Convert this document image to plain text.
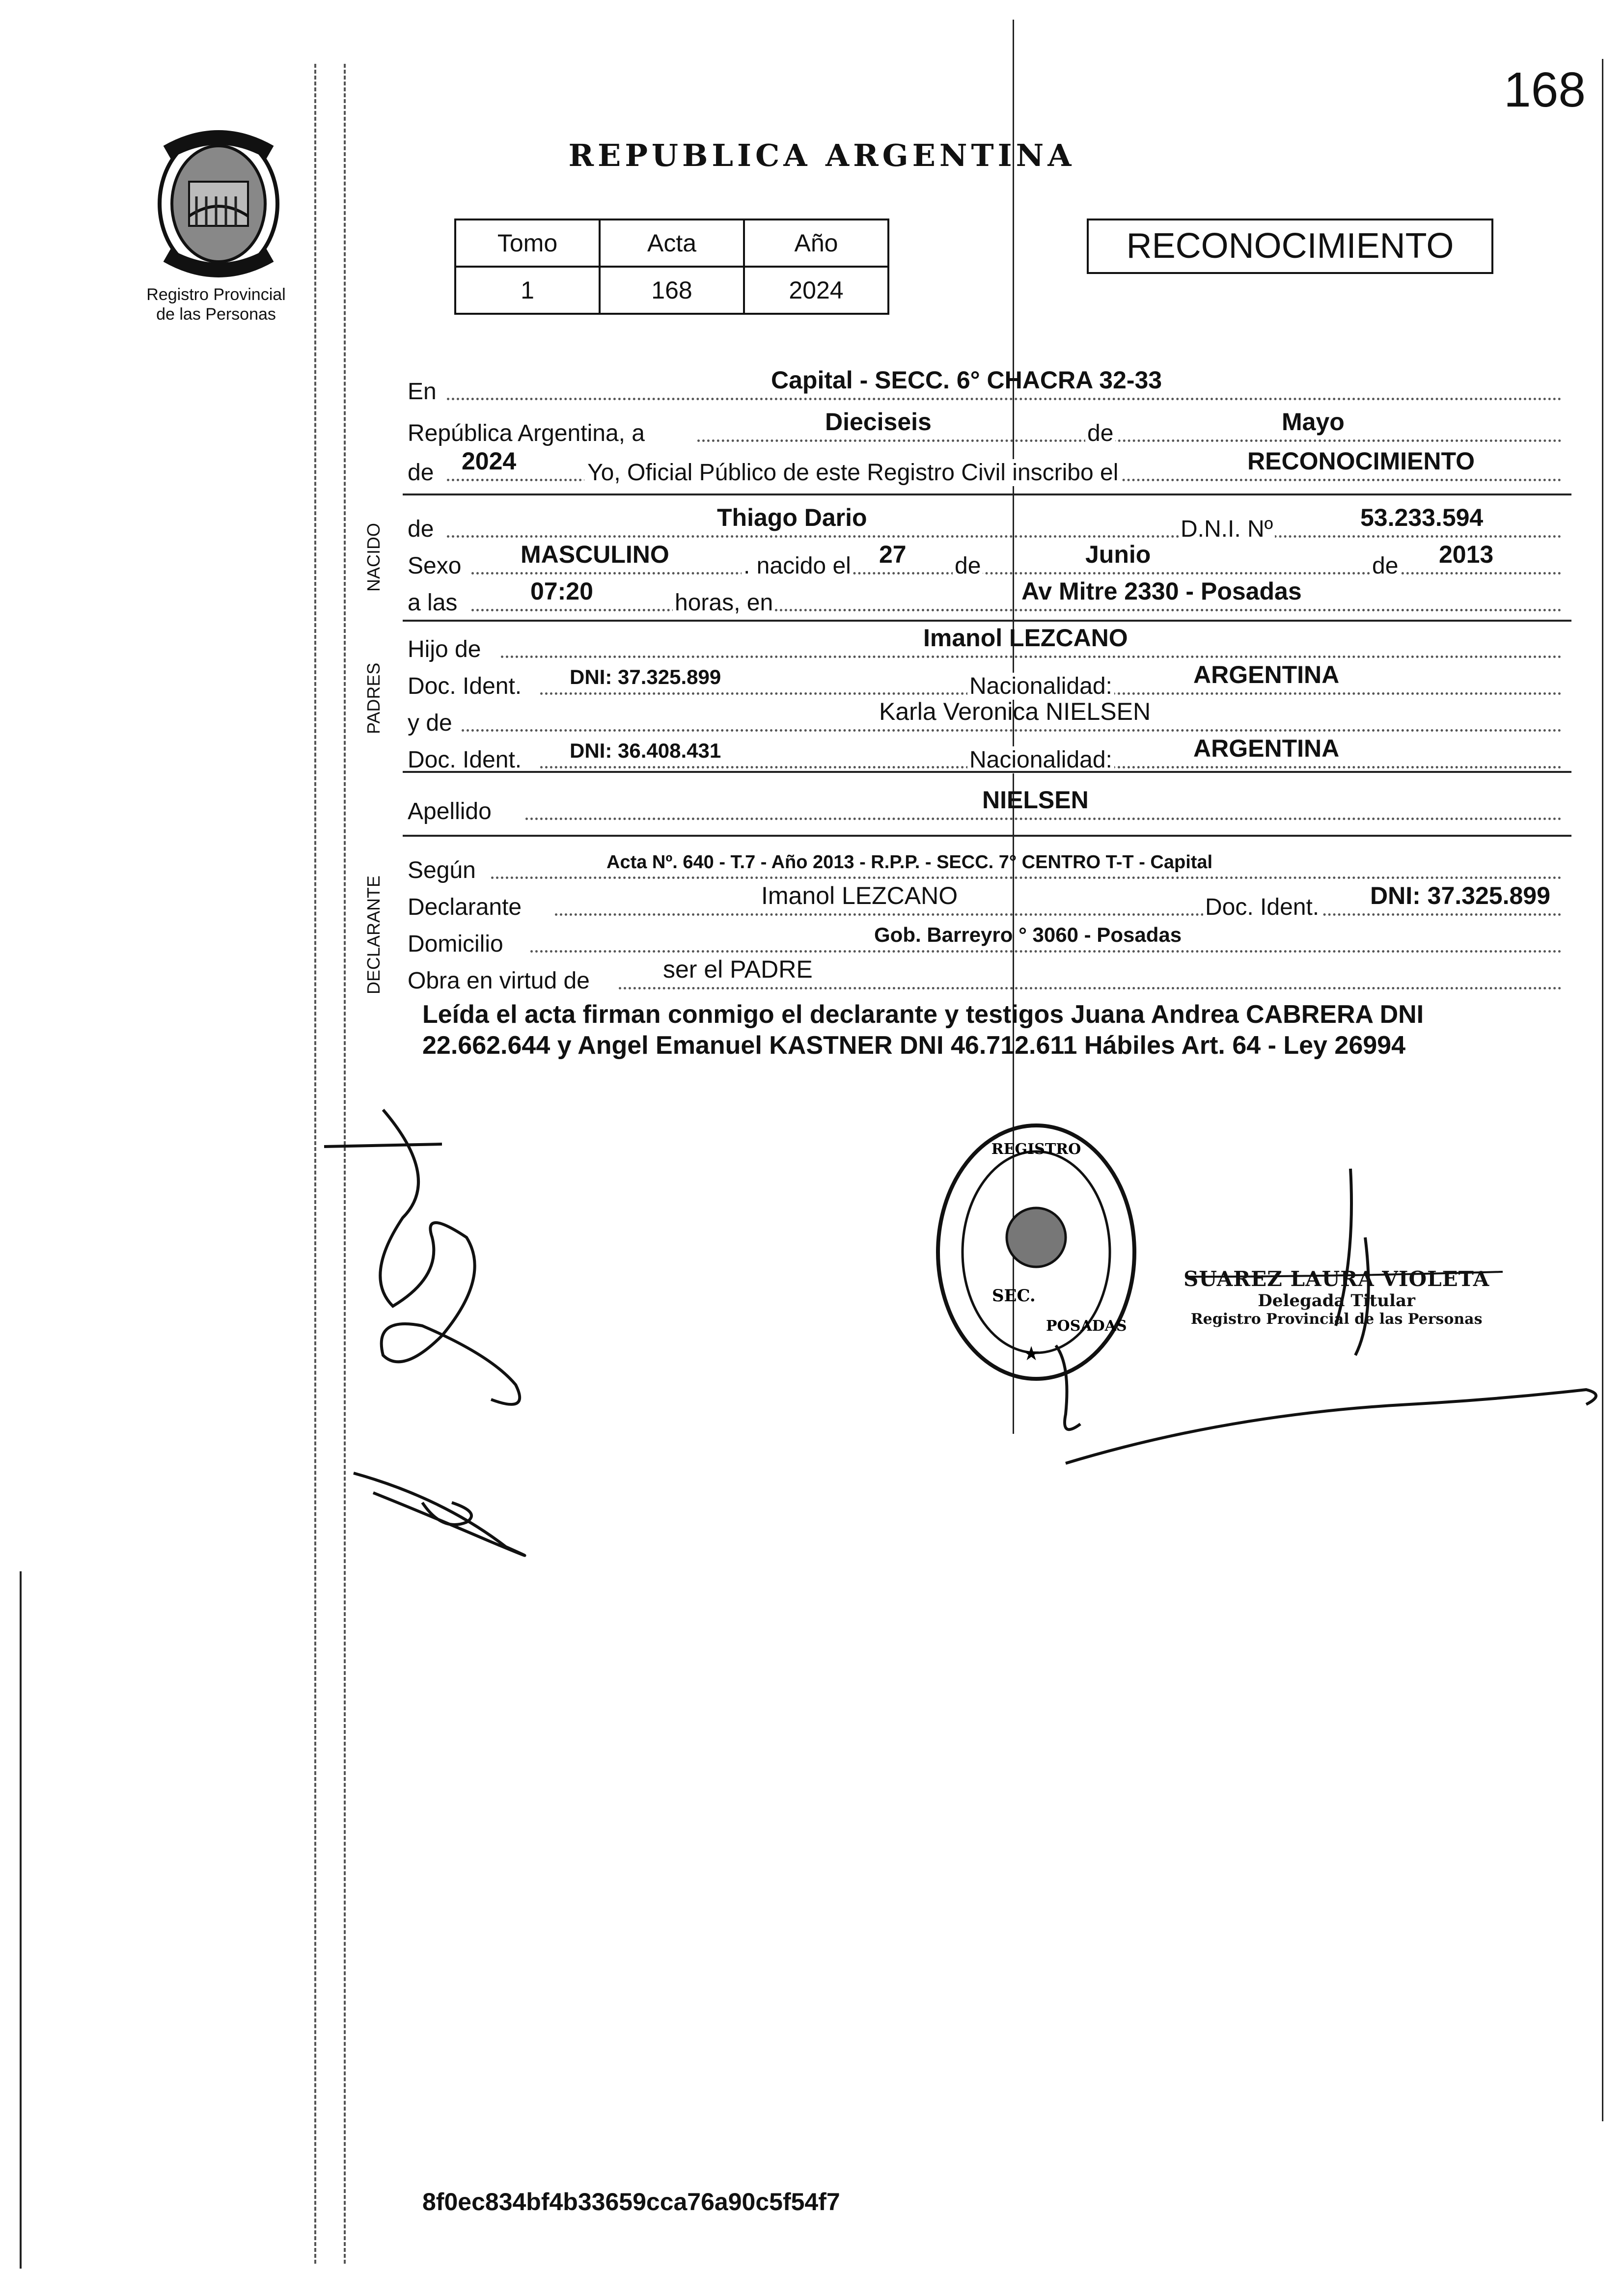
168
Registro Provincial
de las Personas
REPUBLICA ARGENTINA
Tomo	Acta	Año
1	168	2024
RECONOCIMIENTO
En	Capital - SECC. 6° CHACRA 32-33
República Argentina, a	Dieciseis	de	Mayo
de 2024	Yo, Oficial Público de este Registro Civil inscribo el	RECONOCIMIENTO
NACIDO de	Thiago Dario	D.N.I. Nº	53.233.594
Sexo MASCULINO	. nacido el 27 de	Junio	de 2013
a las	07:20	horas, en	Av Mitre 2330 - Posadas
PADRES
Hijo de	Imanol LEZCANO
Doc. Ident. DNI: 37.325.899	Nacionalidad:	ARGENTINA
y de	Karla Veronica NIELSEN
Doc. Ident. DNI: 36.408.431	Nacionalidad:	ARGENTINA
Apellido	NIELSEN
DECLARANTE
Según	Acta Nº. 640 - T.7 - Año 2013 - R.P.P. - SECC. 7° CENTRO T-T - Capital
Declarante	Imanol LEZCANO	Doc. Ident. DNI: 37.325.899
Domicilio	Gob. Barreyro ° 3060 - Posadas
Obra en virtud de	ser el PADRE
Leída el acta firman conmigo el declarante y testigos Juana Andrea CABRERA DNI 22.662.644 y Angel Emanuel KASTNER DNI 46.712.611 Hábiles Art. 64 - Ley 26994
REGISTRO
SEC.
POSADAS
★
SUAREZ LAURA VIOLETA
Delegada Titular
Registro Provincial de las Personas
8f0ec834bf4b33659cca76a90c5f54f7
